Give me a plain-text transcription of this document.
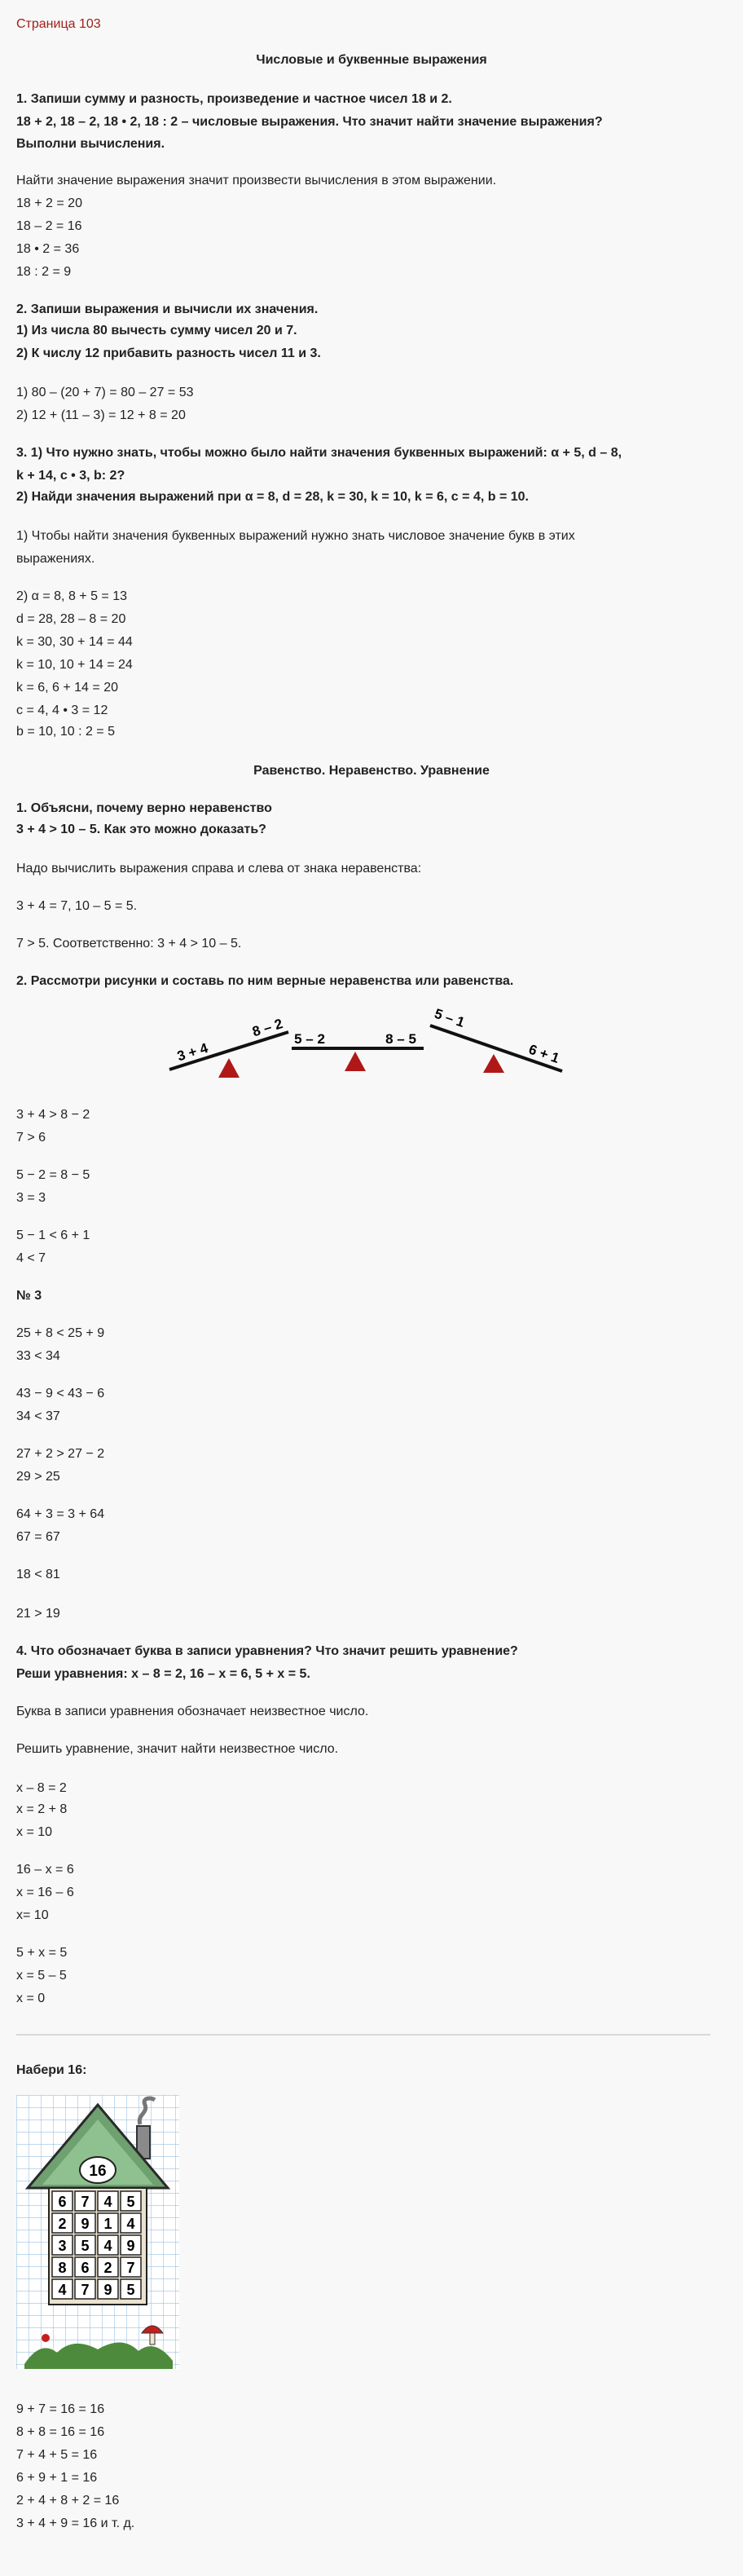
Страница 103
Числовые и буквенные выражения
1. Запиши сумму и разность, произведение и частное чисел 18 и 2.
18 + 2, 18 – 2, 18 • 2, 18 : 2 – числовые выражения. Что значит найти значение выражения?
Выполни вычисления.
Найти значение выражения значит произвести вычисления в этом выражении.
18 + 2 = 20
18 – 2 = 16
18 • 2 = 36
18 : 2 = 9
2. Запиши выражения и вычисли их значения.
1) Из числа 80 вычесть сумму чисел 20 и 7.
2) К числу 12 прибавить разность чисел 11 и 3.
1) 80 – (20 + 7) = 80 – 27 = 53
2) 12 + (11 – 3) = 12 + 8 = 20
3. 1) Что нужно знать, чтобы можно было найти значения буквенных выражений: α + 5, d – 8,
k + 14, c • 3, b: 2?
2) Найди значения выражений при α = 8, d = 28, k = 30, k = 10, k = 6, c = 4, b = 10.
1) Чтобы найти значения буквенных выражений нужно знать числовое значение букв в этих
выражениях.
2) α = 8, 8 + 5 = 13
d = 28, 28 – 8 = 20
k = 30, 30 + 14 = 44
k = 10, 10 + 14 = 24
k = 6, 6 + 14 = 20
c = 4, 4 • 3 = 12
b = 10, 10 : 2 = 5
Равенство. Неравенство. Уравнение
1. Объясни, почему верно неравенство
3 + 4 > 10 – 5. Как это можно доказать?
Надо вычислить выражения справа и слева от знака неравенства:
3 + 4 = 7, 10 – 5 = 5.
7 > 5. Соответственно: 3 + 4 > 10 – 5.
2. Рассмотри рисунки и составь по ним верные неравенства или равенства.
3 + 4
8 – 2 5 – 2	8 – 5
5 – 1
6 + 1
3 + 4 > 8 − 2
7 > 6
5 − 2 = 8 − 5
3 = 3
5 − 1 < 6 + 1
4 < 7
№ 3
25 + 8 < 25 + 9
33 < 34
43 − 9 < 43 − 6
34 < 37
27 + 2 > 27 − 2
29 > 25
64 + 3 = 3 + 64
67 = 67
18 < 81
21 > 19
4. Что обозначает буква в записи уравнения? Что значит решить уравнение?
Реши уравнения: x – 8 = 2, 16 – x = 6, 5 + x = 5.
Буква в записи уравнения обозначает неизвестное число.
Решить уравнение, значит найти неизвестное число.
x – 8 = 2
x = 2 + 8
x = 10
16 – x = 6
x = 16 – 6
x= 10
5 + x = 5
x = 5 – 5
x = 0
Набери 16:
16
6 7 4 5
2 9 1 4
3 5 4 9
8 6 2 7
4 7 9 5
9 + 7 = 16 = 16
8 + 8 = 16 = 16
7 + 4 + 5 = 16
6 + 9 + 1 = 16
2 + 4 + 8 + 2 = 16
3 + 4 + 9 = 16 и т. д.
